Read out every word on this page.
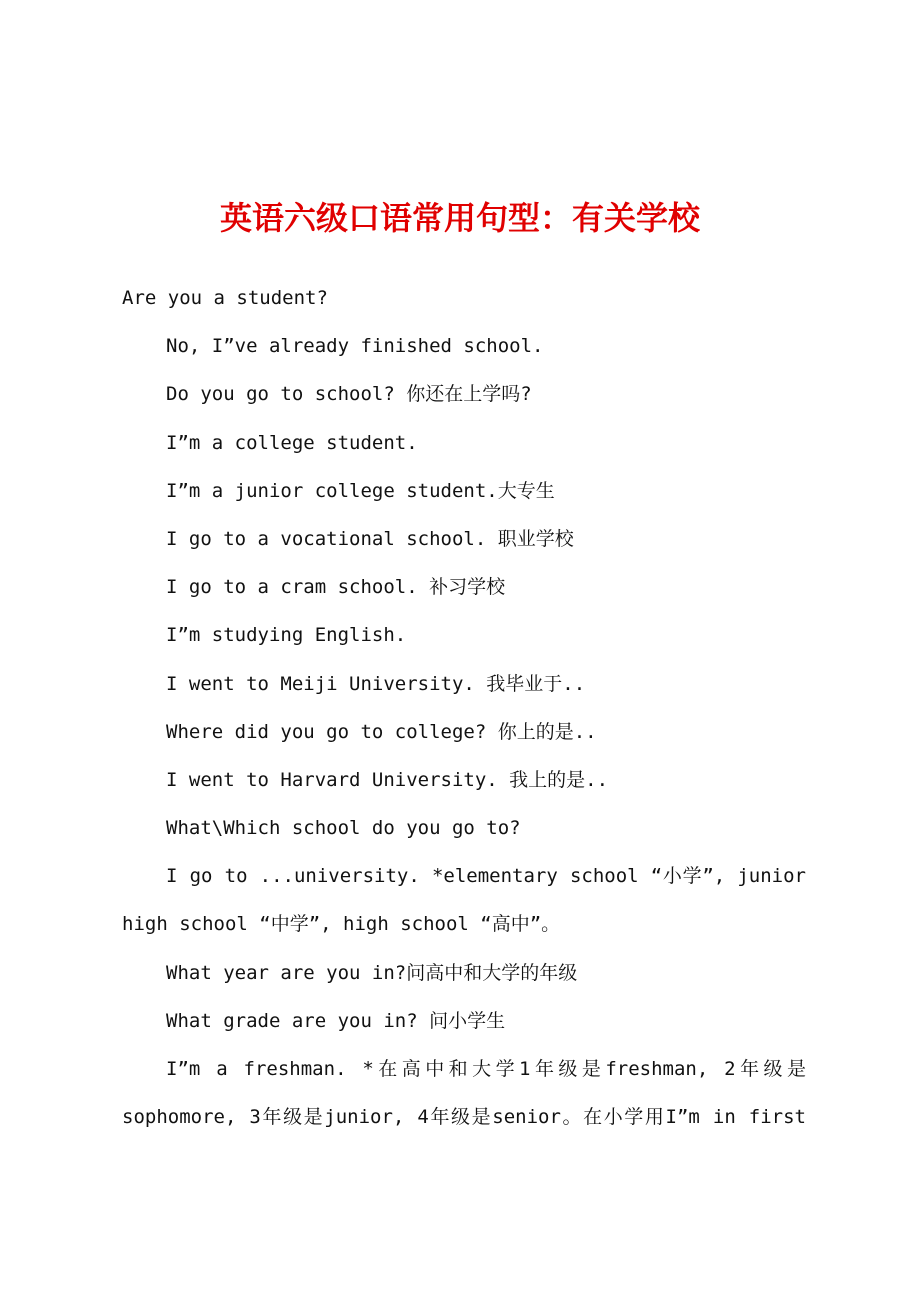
英语六级口语常用句型：有关学校
Are you a student?
No, I”ve already finished school.
Do you go to school? 你还在上学吗?
I”m a college student.
I”m a junior college student.大专生
I go to a vocational school. 职业学校
I go to a cram school. 补习学校
I”m studying English.
I went to Meiji University. 我毕业于..
Where did you go to college? 你上的是..
I went to Harvard University. 我上的是..
What\Which school do you go to?
I go to ...university. *elementary school “小学”, junior
high school “中学”, high school “高中”。
What year are you in?问高中和大学的年级
What grade are you in? 问小学生
I”m a freshman. *在高中和大学1年级是freshman, 2年级是
sophomore, 3年级是junior, 4年级是senior。在小学用I”m in first
